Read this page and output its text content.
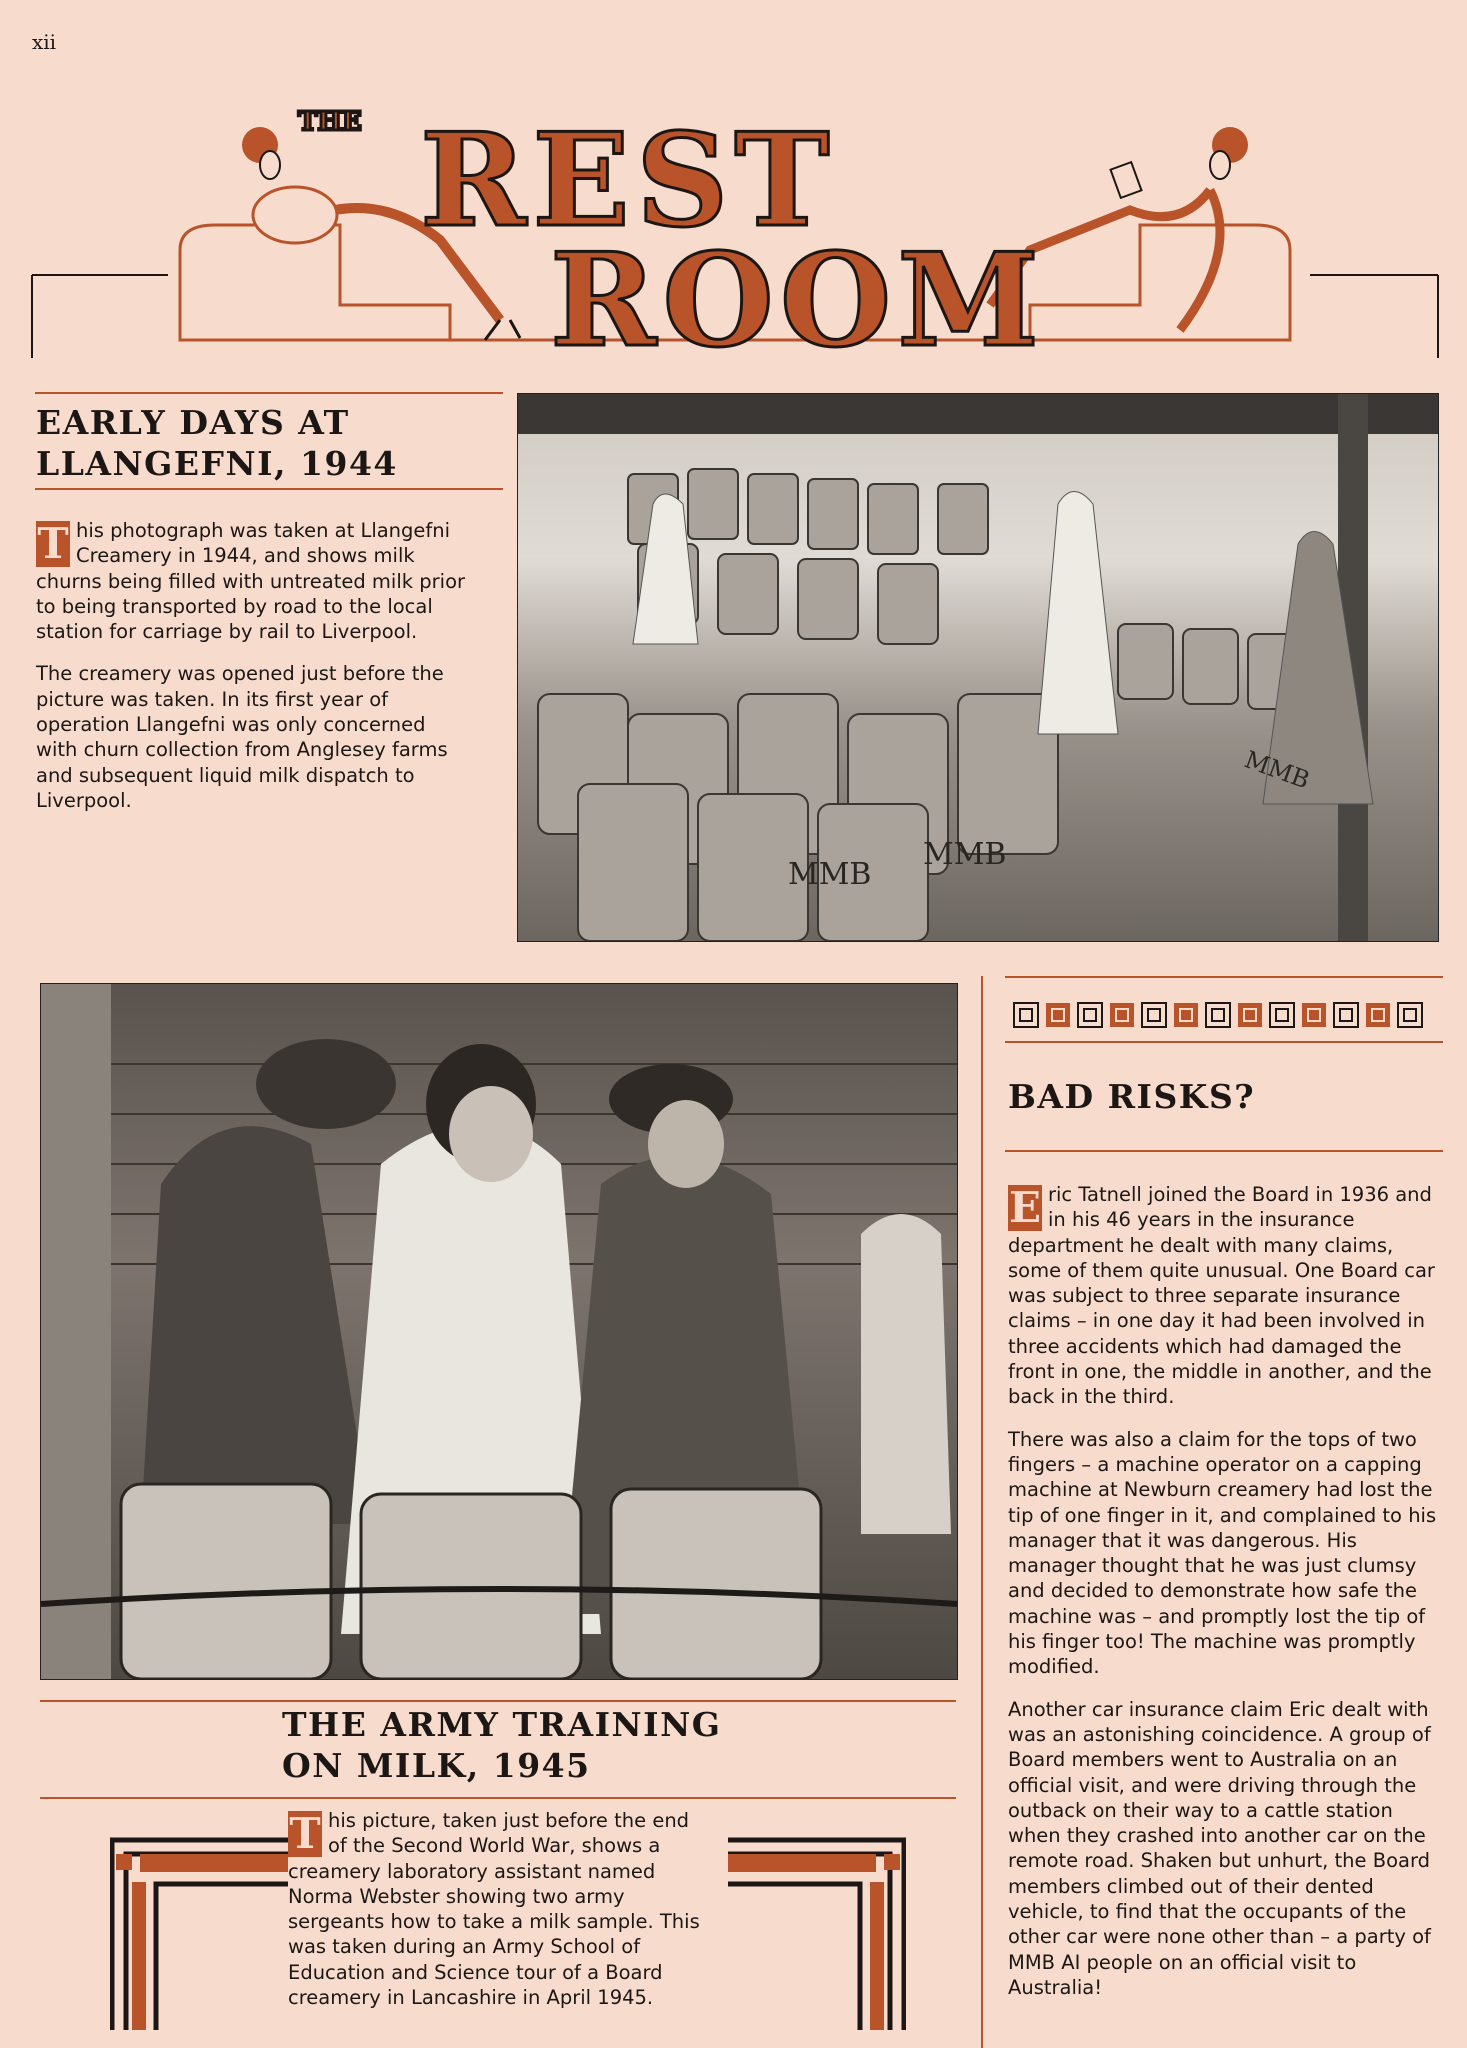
xii
THE REST
ROOM
EARLY DAYS AT
LLANGEFNI, 1944

T his photograph was taken at Llangefni Creamery in 1944, and shows milk churns being filled with untreated milk prior to being transported by road to the local station for carriage by rail to Liverpool.

The creamery was opened just before the picture was taken. In its first year of operation Llangefni was only concerned with churn collection from Anglesey farms and subsequent liquid milk dispatch to Liverpool.

MMB
MMB
MMB
THE ARMY TRAINING
ON MILK, 1945

T his picture, taken just before the end of the Second World War, shows a creamery laboratory assistant named Norma Webster showing two army sergeants how to take a milk sample. This was taken during an Army School of Education and Science tour of a Board creamery in Lancashire in April 1945.

BAD RISKS?

E ric Tatnell joined the Board in 1936 and in his 46 years in the insurance department he dealt with many claims, some of them quite unusual. One Board car was subject to three separate insurance claims – in one day it had been involved in three accidents which had damaged the front in one, the middle in another, and the back in the third.

There was also a claim for the tops of two fingers – a machine operator on a capping machine at Newburn creamery had lost the tip of one finger in it, and complained to his manager that it was dangerous. His manager thought that he was just clumsy and decided to demonstrate how safe the machine was – and promptly lost the tip of his finger too! The machine was promptly modified.

Another car insurance claim Eric dealt with was an astonishing coincidence. A group of Board members went to Australia on an official visit, and were driving through the outback on their way to a cattle station when they crashed into another car on the remote road. Shaken but unhurt, the Board members climbed out of their dented vehicle, to find that the occupants of the other car were none other than – a party of MMB AI people on an official visit to Australia!
